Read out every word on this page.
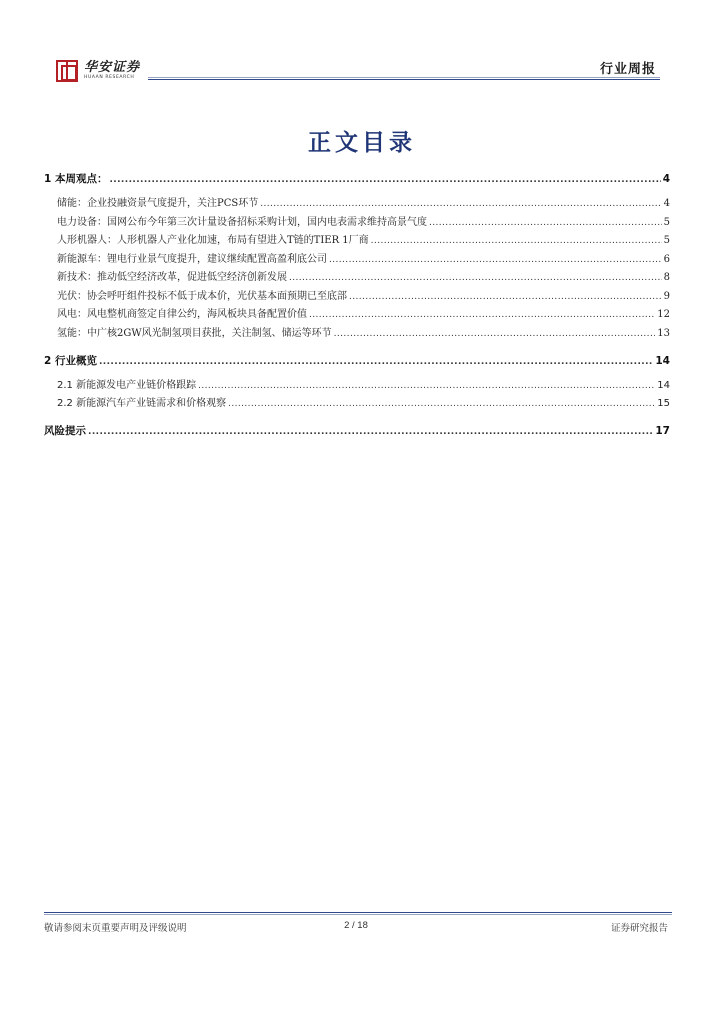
华安证券
HUAAN RESEARCH
行业周报
正文目录
1 本周观点： .....	4
储能：企业投融资景气度提升，关注PCS环节 .....	4
电力设备：国网公布今年第三次计量设备招标采购计划，国内电表需求维持高景气度 .....	5
人形机器人：人形机器人产业化加速，布局有望进入T链的TIER 1厂商 .....	5
新能源车：锂电行业景气度提升，建议继续配置高盈利底公司 .....	6
新技术：推动低空经济改革，促进低空经济创新发展 .....	8
光伏：协会呼吁组件投标不低于成本价，光伏基本面预期已至底部 .....	9
风电：风电整机商签定自律公约，海风板块具备配置价值 .....	12
氢能：中广核2GW风光制氢项目获批，关注制氢、储运等环节 .....	13
2 行业概览 .....	14
2.1 新能源发电产业链价格跟踪 .....	14
2.2 新能源汽车产业链需求和价格观察 .....	15
风险提示 .....	17
敬请参阅末页重要声明及评级说明	2 / 18	证券研究报告
